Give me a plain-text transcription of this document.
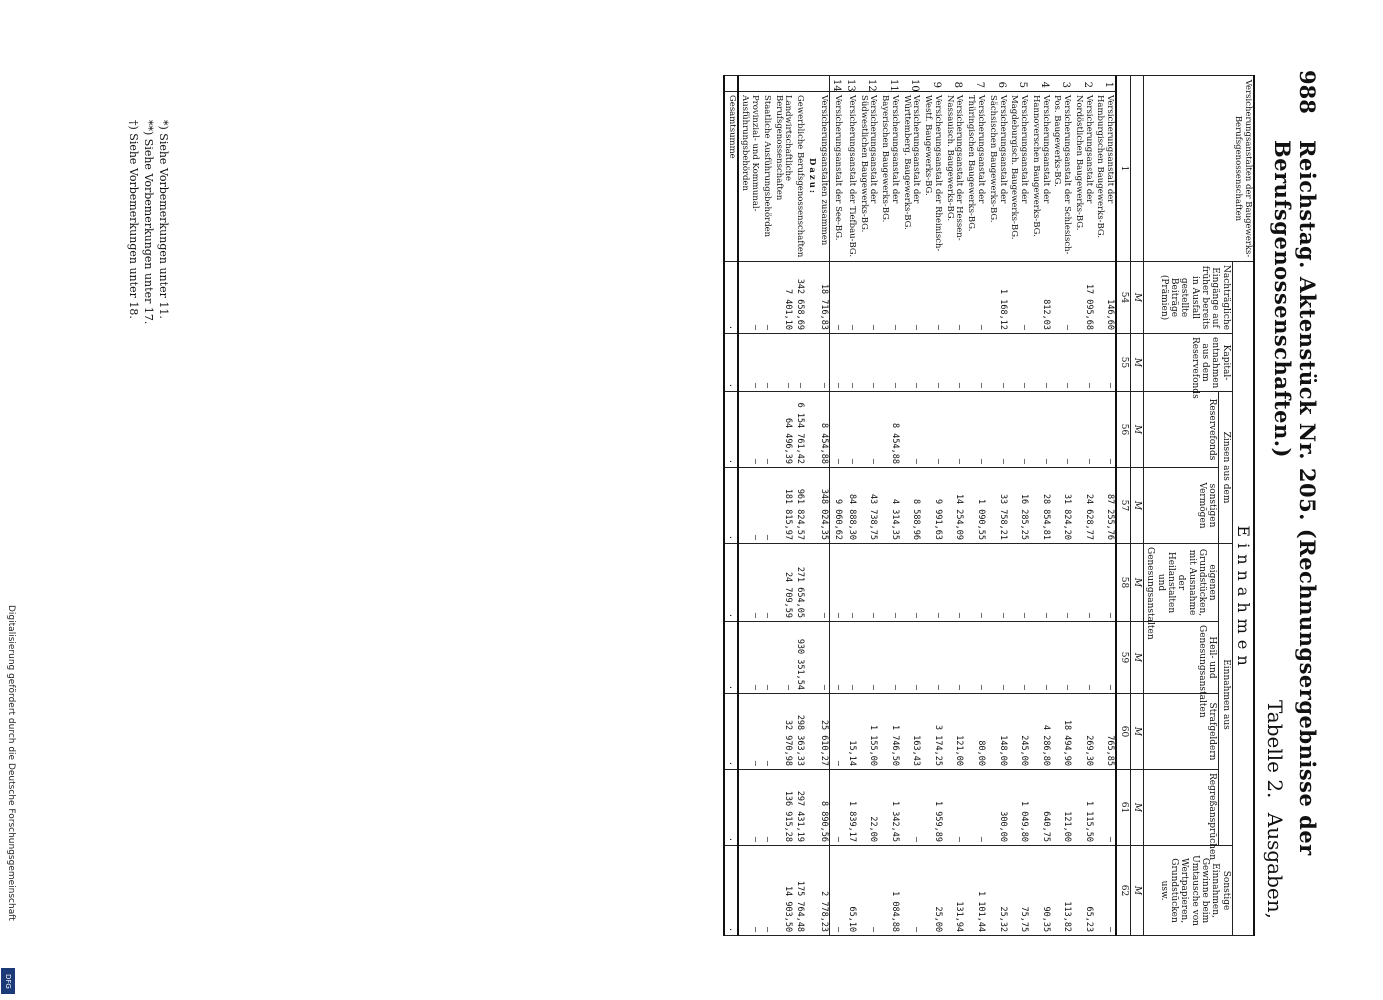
988
Reichstag. Aktenstück Nr. 205. (Rechnungsergebnisse der Berufsgenossenschaften.)
Tabelle 2. Ausgaben,
Versicherungsanstalten der Baugewerks-Berufsgenossenschaften		Einnahmen								
		Nachträgliche Eingänge auf früher bereits in Ausfall gestellte Beiträge (Prämien)	Kapital-entnahmen aus dem Reservefonds	Zinsen aus dem		Einnahmen aus				Sonstige Einnahmen, Gewinne beim Umtausche von Wertpapieren, Grundstücken usw.
				Reservefonds	sonstigen Vermögen	eigenen Grundstücken, mit Ausnahme der Heilanstalten und Genesungsanstalten	Heil- und Genesungsanstalten	Strafgeldern	Regreßansprüchen	

		M	M	M	M	M	M	M	M	M
1		54	55	56	57	58	59	60	61	62
1	Versicherungsanstalt der Hamburgischen Baugewerks-BG.	146,60	—	—	87 255,76	—	—	765,85	—	—
2	Versicherungsanstalt der Nordöstlichen Baugewerks-BG.	17 095,68	—	—	24 628,77	—	—	269,30	1 115,50	65,23
3	Versicherungsanstalt der Schlesisch-Pos. Baugewerks-BG.	—	—	—	31 824,20	—	—	18 494,90	121,00	113,82
4	Versicherungsanstalt der Hannoverschen Baugewerks-BG.	812,03	—	—	28 854,81	—	—	4 286,80	640,75	90,35
5	Versicherungsanstalt der Magdeburgisch. Baugewerks-BG.	—	—	—	16 285,25	—	—	245,00	1 049,80	75,75
6	Versicherungsanstalt der Sächsischen Baugewerks-BG.	1 168,12	—	—	33 758,21	—	—	148,00	300,00	25,32
7	Versicherungsanstalt der Thüringischen Baugewerks-BG.	—	—	—	1 090,55	—	—	80,00	—	1 101,44
8	Versicherungsanstalt der Hessen-Nassauisch. Baugewerks-BG.	—	—	—	14 254,09	—	—	121,00	—	131,94
9	Versicherungsanstalt der Rheinisch-Westf. Baugewerks-BG.	—	—	—	9 991,63	—	—	3 174,25	1 959,89	25,00
10	Versicherungsanstalt der Württemberg. Baugewerks-BG.	—	—	—	8 588,96	—	—	163,43	—	—
11	Versicherungsanstalt der Bayerischen Baugewerks-BG.	—	—	8 454,88	4 314,35	—	—	1 746,50	1 342,45	1 084,88
12	Versicherungsanstalt der Südwestlichen Baugewerks-BG.	—	—	—	43 738,75	—	—	1 155,00	22,00	—
13	Versicherungsanstalt der Tiefbau-BG.	—	—	—	84 888,30	—	—	15,14	1 839,17	65,10
14	Versicherungsanstalt der See-BG.	—	—	—	9 060,62	—	—	—	—	—
	Versicherungsanstalten zusammen	18 716,83	—	8 454,88	348 024,35	—	—	25 610,27	8 890,56	2 778,23
	Dazu:									
	Gewerbliche Berufsgenossenschaften	342 658,69	—	6 154 761,42	961 824,57	271 654,05	930 351,54	298 363,33	297 431,19	175 764,48
	Landwirtschaftliche Berufsgenossenschaften	7 401,10	—	64 496,39	181 815,97	24 709,59	—	32 970,98	136 915,28	14 903,50
	Staatliche Ausführungsbehörden	—	—	—	—	—	—	—	—	—
	Provinzial- und Kommunal-Ausführungsbehörden	—	—	—	—	—	—	—	—	—
	Gesamtsumme	.	.	.	.	.	.	.	.	.
*) Siehe Vorbemerkungen unter 11.
**) Siehe Vorbemerkungen unter 17.
†) Siehe Vorbemerkungen unter 18.
Digitalisierung gefördert durch die Deutsche Forschungsgemeinschaft
DFG
